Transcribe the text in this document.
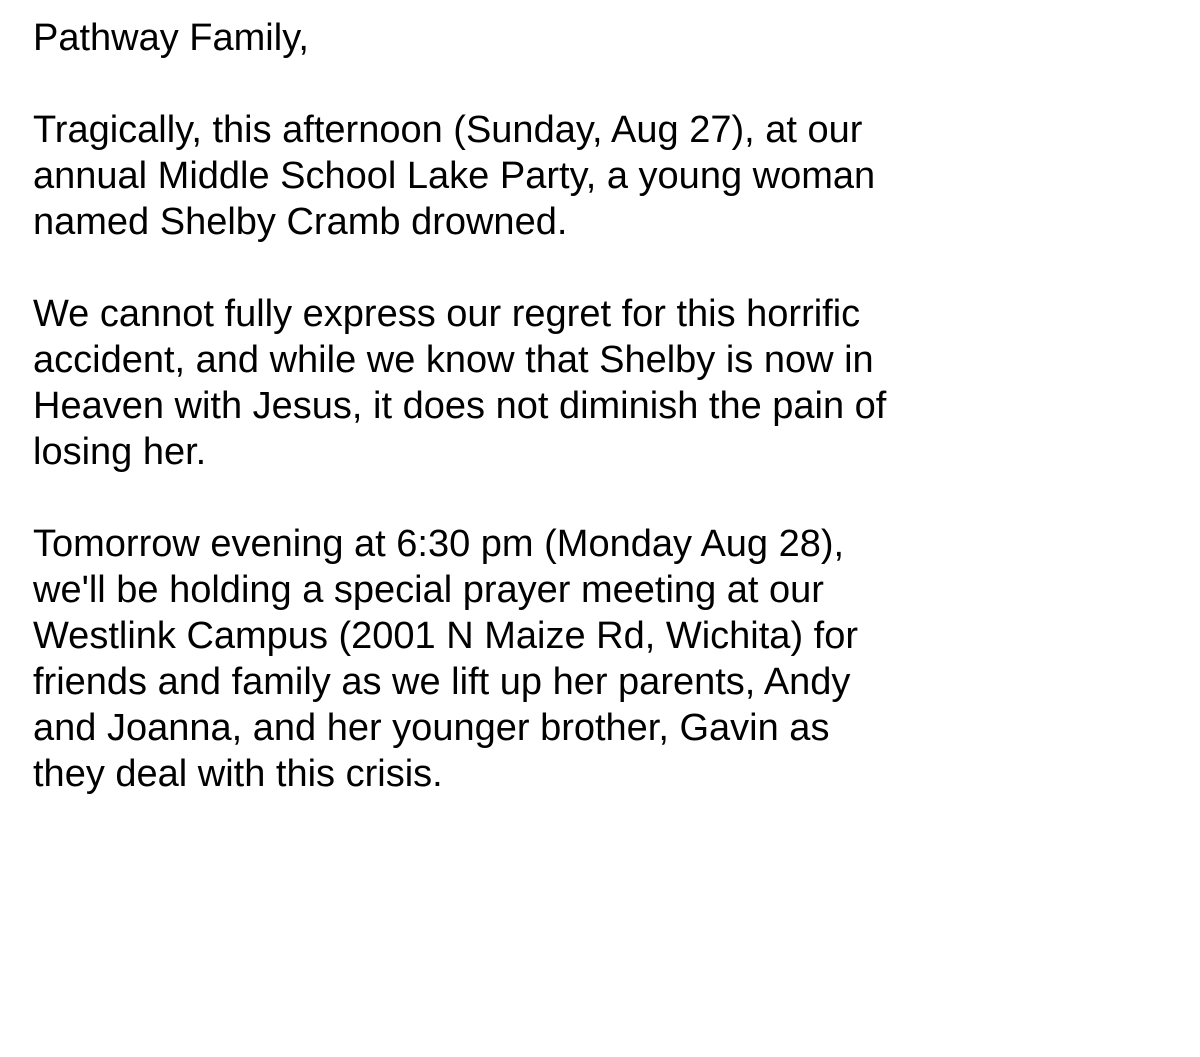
Pathway Family,

Tragically, this afternoon (Sunday, Aug 27), at our
annual Middle School Lake Party, a young woman
named Shelby Cramb drowned.

We cannot fully express our regret for this horrific
accident, and while we know that Shelby is now in
Heaven with Jesus, it does not diminish the pain of
losing her.

Tomorrow evening at 6:30 pm (Monday Aug 28),
we'll be holding a special prayer meeting at our
Westlink Campus (2001 N Maize Rd, Wichita) for
friends and family as we lift up her parents, Andy
and Joanna, and her younger brother, Gavin as
they deal with this crisis.
